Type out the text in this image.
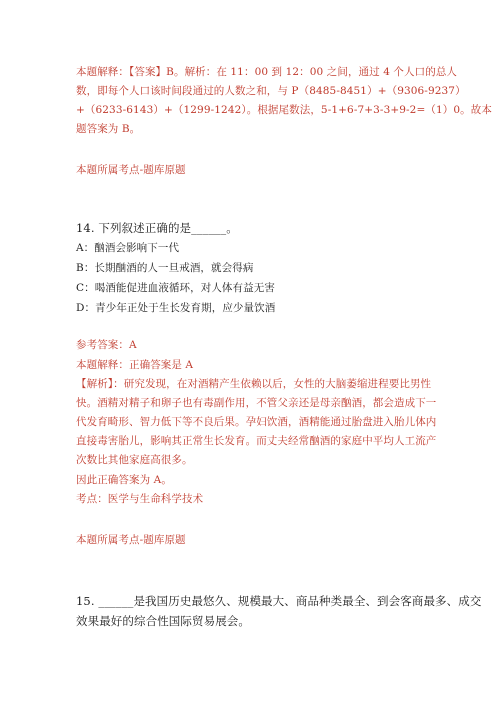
本题解释：【答案】B。解析：在 11：00 到 12：00 之间，通过 4 个人口的总人
数，即每个人口该时间段通过的人数之和，与 P（8485-8451）+（9306-9237）
+（6233-6143）+（1299-1242）。根据尾数法，5-1+6-7+3-3+9-2=（1）0。故本
题答案为 B。
本题所属考点-题库原题
14. 下列叙述正确的是______。
A：酗酒会影响下一代
B：长期酗酒的人一旦戒酒，就会得病
C：喝酒能促进血液循环，对人体有益无害
D：青少年正处于生长发育期，应少量饮酒
参考答案：A
本题解释：正确答案是 A
【解析】：研究发现，在对酒精产生依赖以后，女性的大脑萎缩进程要比男性
快。酒精对精子和卵子也有毒副作用，不管父亲还是母亲酗酒，都会造成下一
代发育畸形、智力低下等不良后果。孕妇饮酒，酒精能通过胎盘进入胎儿体内
直接毒害胎儿，影响其正常生长发育。而丈夫经常酗酒的家庭中平均人工流产
次数比其他家庭高很多。
因此正确答案为 A。
考点：医学与生命科学技术
本题所属考点-题库原题
15. ______是我国历史最悠久、规模最大、商品种类最全、到会客商最多、成交
效果最好的综合性国际贸易展会。
